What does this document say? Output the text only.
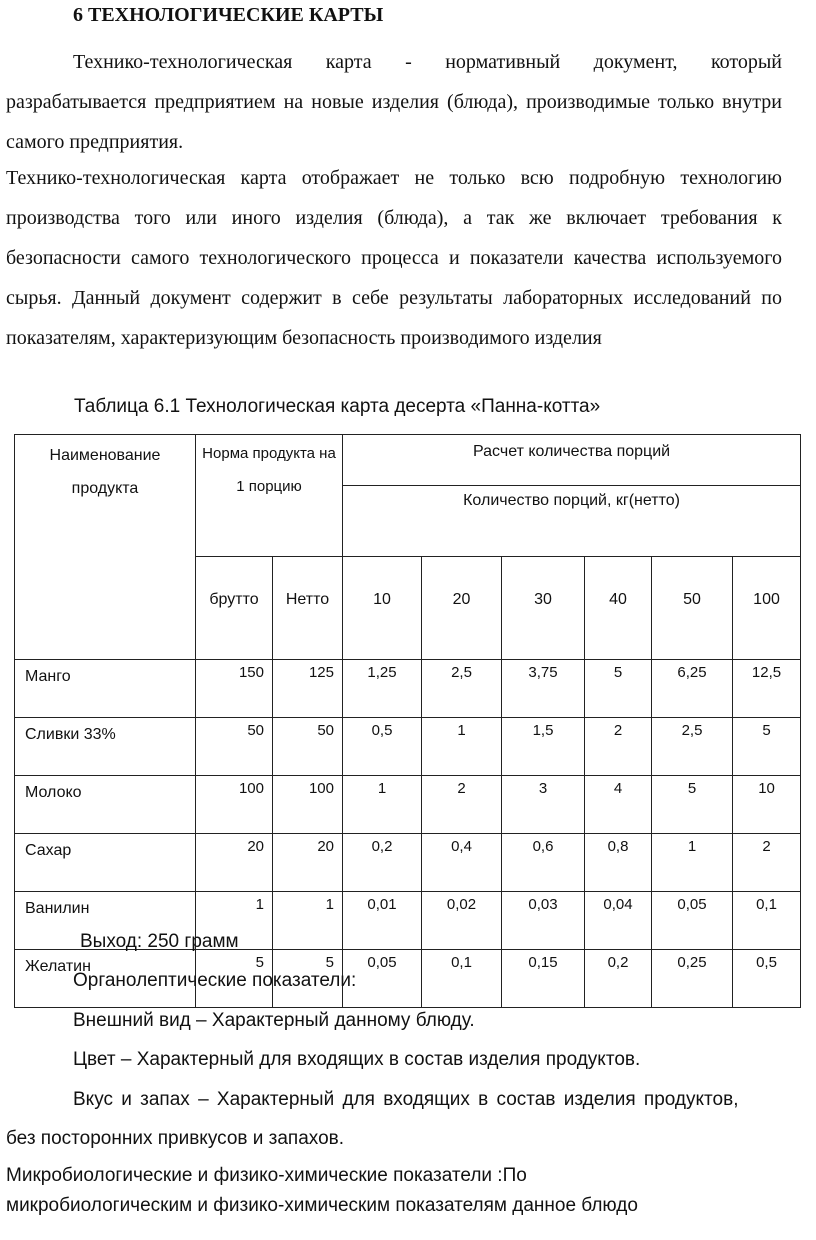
6 ТЕХНОЛОГИЧЕСКИЕ КАРТЫ

Технико-технологическая карта - нормативный документ, который разрабатывается предприятием на новые изделия (блюда), производимые только внутри самого предприятия.

Технико-технологическая карта отображает не только всю подробную технологию производства того или иного изделия (блюда), а так же включает требования к безопасности самого технологического процесса и показатели качества используемого сырья. Данный документ содержит в себе результаты лабораторных исследований по показателям, характеризующим безопасность производимого изделия

Таблица 6.1 Технологическая карта десерта «Панна-котта»
Наименование продукта	Норма продукта на 1 порцию		Расчет количества порций					
			Количество порций, кг(нетто)					
	брутто	Нетто	10	20	30	40	50	100
Манго	150	125	1,25	2,5	3,75	5	6,25	12,5
Сливки 33%	50	50	0,5	1	1,5	2	2,5	5
Молоко	100	100	1	2	3	4	5	10
Сахар	20	20	0,2	0,4	0,6	0,8	1	2
Ванилин	1	1	0,01	0,02	0,03	0,04	0,05	0,1
Желатин	5	5	0,05	0,1	0,15	0,2	0,25	0,5
Выход: 250 грамм
Органолептические показатели:
Внешний вид – Характерный данному блюду.
Цвет – Характерный для входящих в состав изделия продуктов.
Вкус и запах – Характерный для входящих в состав изделия продуктов,
без посторонних привкусов и запахов.
Микробиологические и физико-химические показатели :По
микробиологическим и физико-химическим показателям данное блюдо
